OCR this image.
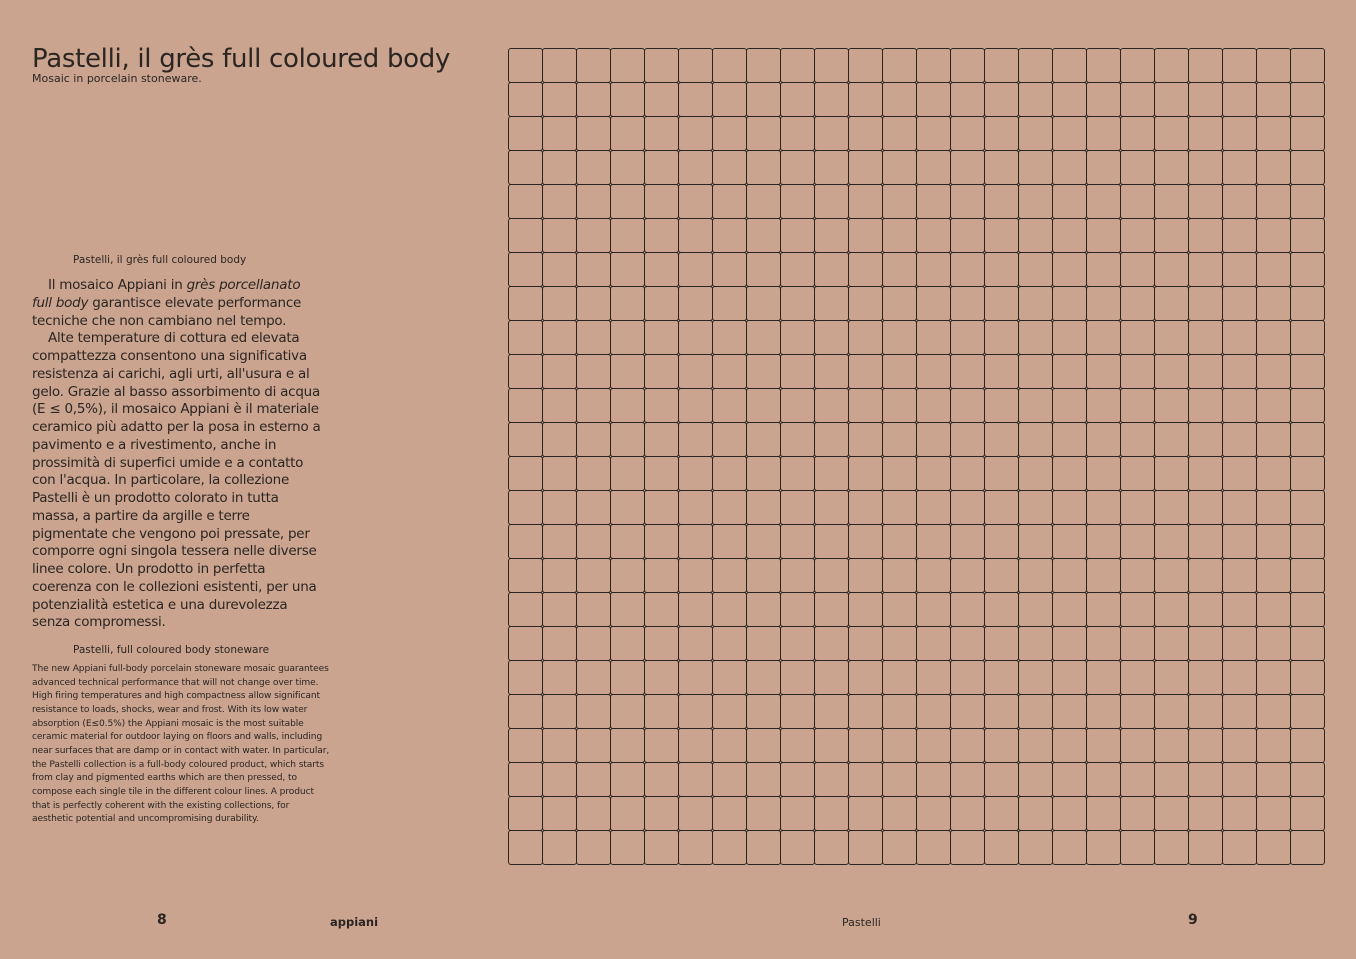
Pastelli, il grès full coloured body
Mosaic in porcelain stoneware.
Pastelli, il grès full coloured body

Il mosaico Appiani in grès porcellanato full body garantisce elevate performance tecniche che non cambiano nel tempo.

Alte temperature di cottura ed elevata compattezza consentono una significativa resistenza ai carichi, agli urti, all'usura e al gelo. Grazie al basso assorbimento di acqua (E ≤ 0,5%), il mosaico Appiani è il materiale ceramico più adatto per la posa in esterno a pavimento e a rivestimento, anche in prossimità di superfici umide e a contatto con l'acqua. In particolare, la collezione Pastelli è un prodotto colorato in tutta massa, a partire da argille e terre pigmentate che vengono poi pressate, per comporre ogni singola tessera nelle diverse linee colore. Un prodotto in perfetta coerenza con le collezioni esistenti, per una potenzialità estetica e una durevolezza senza compromessi.

Pastelli, full coloured body stoneware

The new Appiani full-body porcelain stoneware mosaic guarantees advanced technical performance that will not change over time.

High firing temperatures and high compactness allow significant resistance to loads, shocks, wear and frost. With its low water absorption (E≤0.5%) the Appiani mosaic is the most suitable ceramic material for outdoor laying on floors and walls, including near surfaces that are damp or in contact with water. In particular, the Pastelli collection is a full-body coloured product, which starts from clay and pigmented earths which are then pressed, to compose each single tile in the different colour lines. A product that is perfectly coherent with the existing collections, for aesthetic potential and uncompromising durability.

8	appiani	Pastelli	9
